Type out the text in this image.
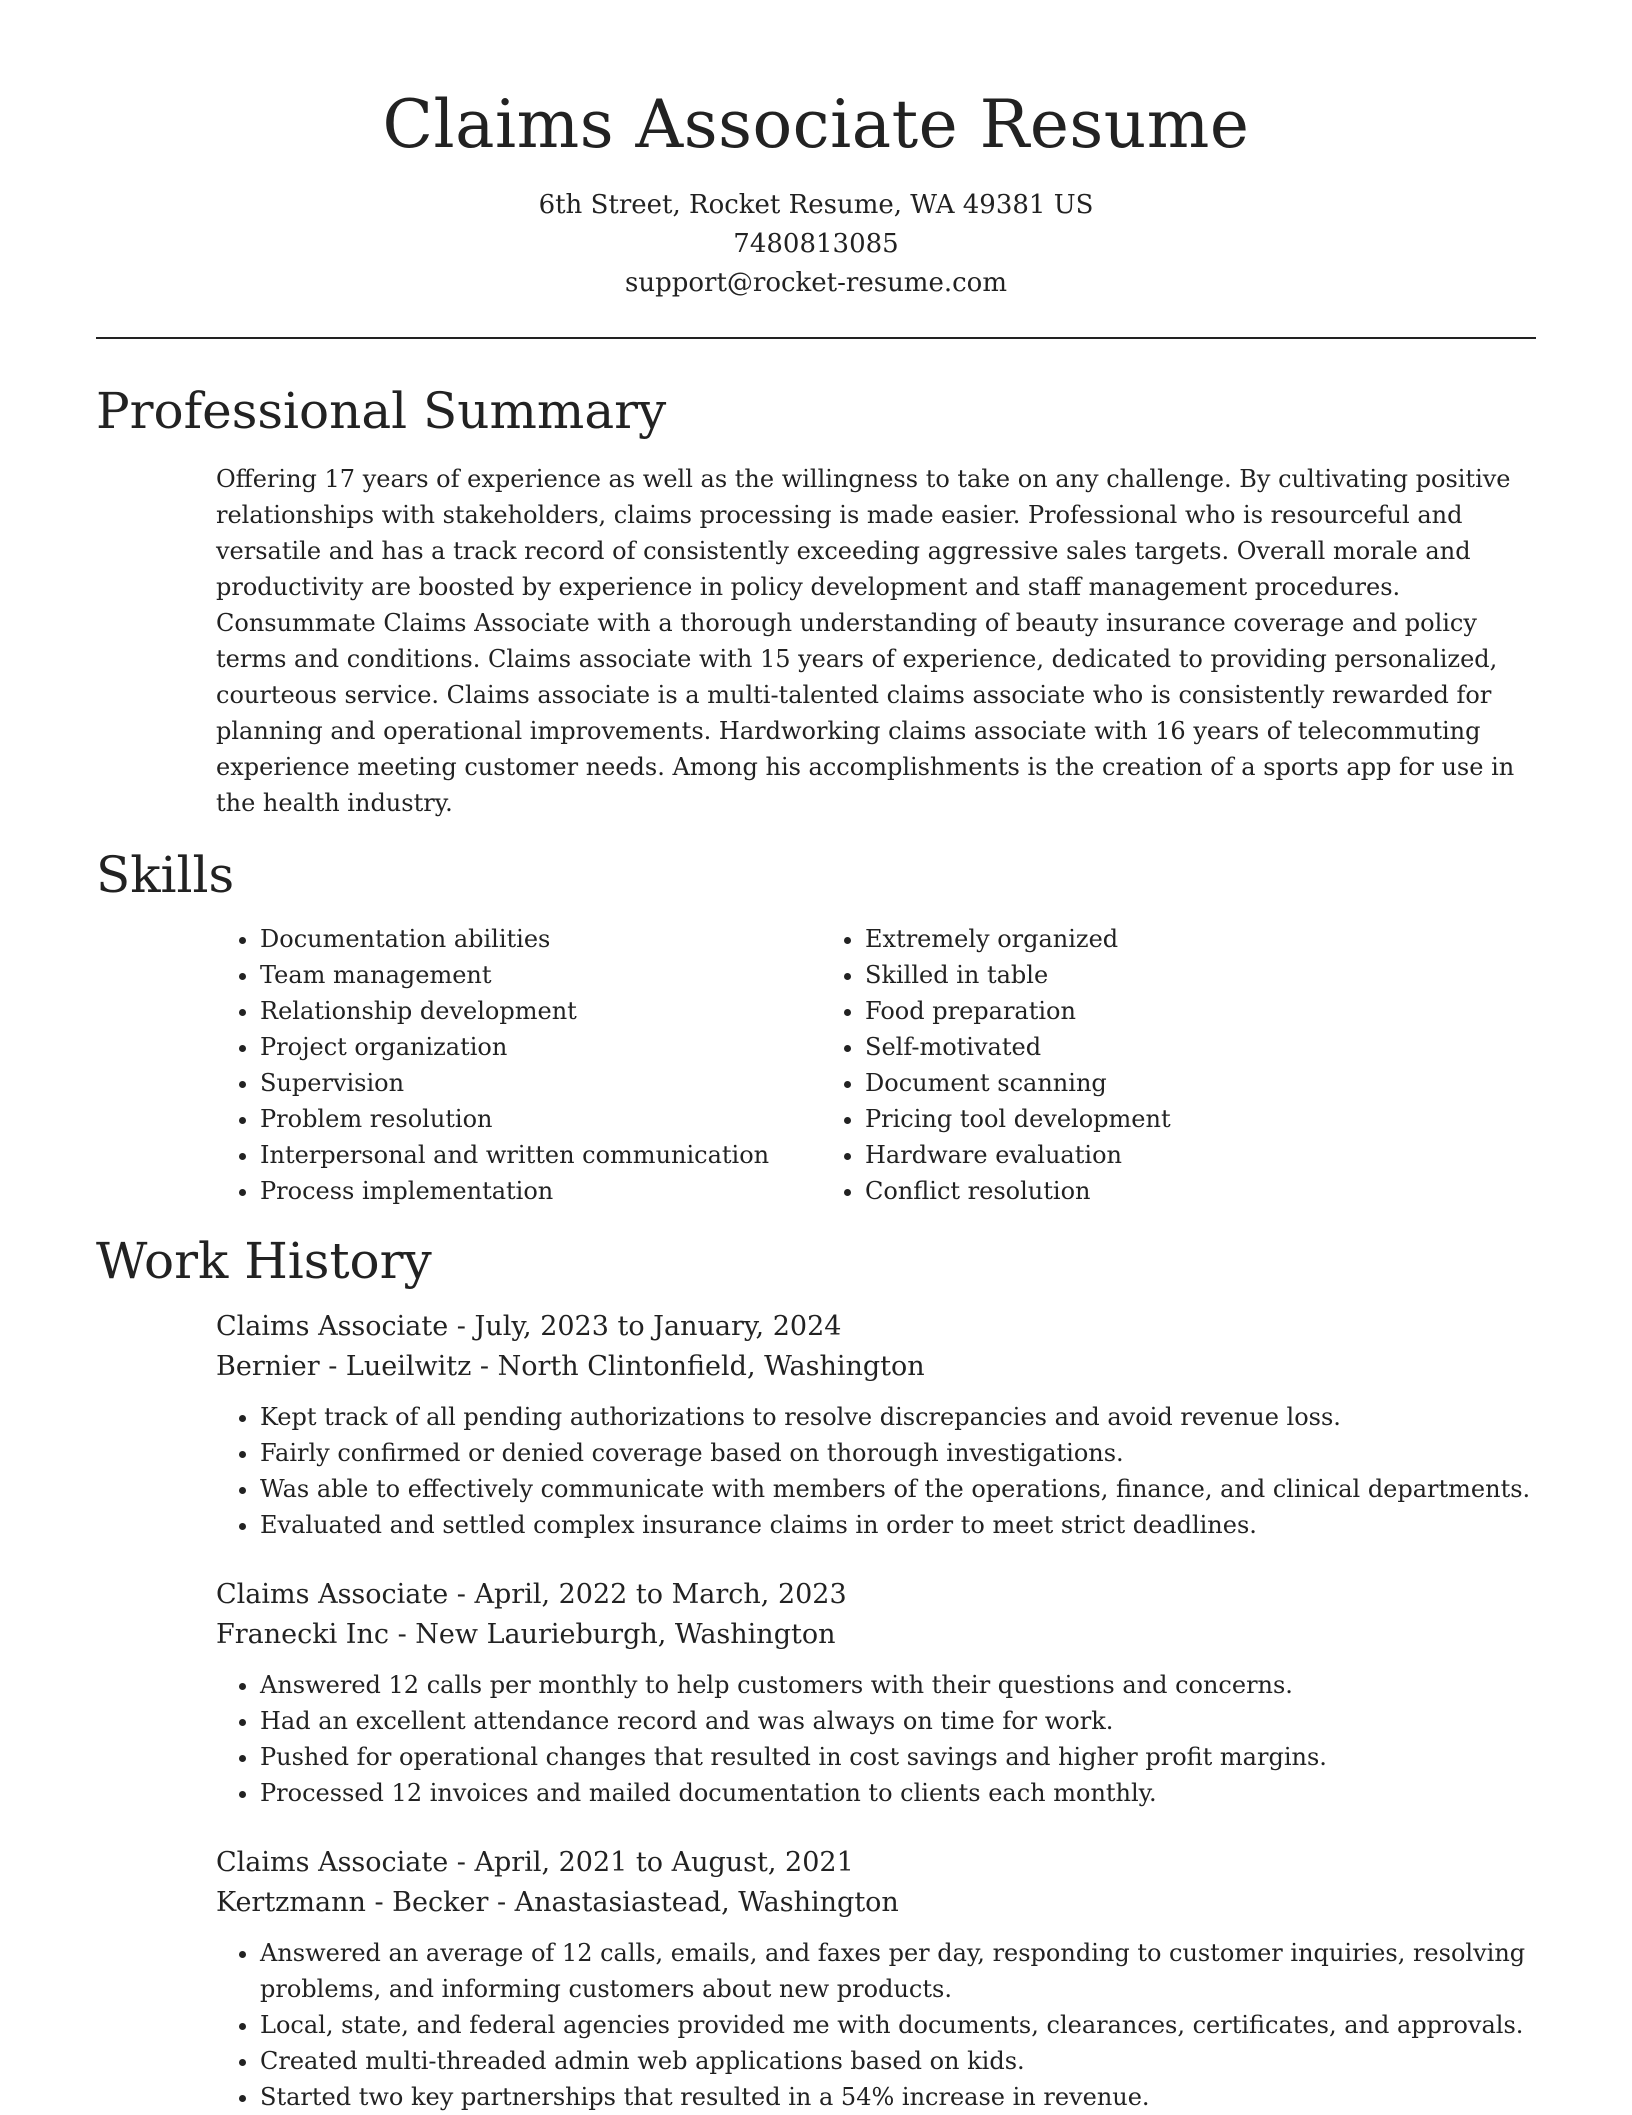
Claims Associate Resume
6th Street, Rocket Resume, WA 49381 US
7480813085
support@rocket-resume.com
Professional Summary

Offering 17 years of experience as well as the willingness to take on any challenge. By cultivating positive relationships with stakeholders, claims processing is made easier. Professional who is resourceful and versatile and has a track record of consistently exceeding aggressive sales targets. Overall morale and productivity are boosted by experience in policy development and staff management procedures. Consummate Claims Associate with a thorough understanding of beauty insurance coverage and policy terms and conditions. Claims associate with 15 years of experience, dedicated to providing personalized, courteous service. Claims associate is a multi-talented claims associate who is consistently rewarded for planning and operational improvements. Hardworking claims associate with 16 years of telecommuting experience meeting customer needs. Among his accomplishments is the creation of a sports app for use in the health industry.

Skills
• Documentation abilities
• Team management
• Relationship development
• Project organization
• Supervision
• Problem resolution
• Interpersonal and written communication
• Process implementation
• Extremely organized
• Skilled in table
• Food preparation
• Self-motivated
• Document scanning
• Pricing tool development
• Hardware evaluation
• Conflict resolution
Work History
Claims Associate - July, 2023 to January, 2024
Bernier - Lueilwitz - North Clintonfield, Washington
• Kept track of all pending authorizations to resolve discrepancies and avoid revenue loss.
• Fairly confirmed or denied coverage based on thorough investigations.
• Was able to effectively communicate with members of the operations, finance, and clinical departments.
• Evaluated and settled complex insurance claims in order to meet strict deadlines.
Claims Associate - April, 2022 to March, 2023
Franecki Inc - New Laurieburgh, Washington
• Answered 12 calls per monthly to help customers with their questions and concerns.
• Had an excellent attendance record and was always on time for work.
• Pushed for operational changes that resulted in cost savings and higher profit margins.
• Processed 12 invoices and mailed documentation to clients each monthly.
Claims Associate - April, 2021 to August, 2021
Kertzmann - Becker - Anastasiastead, Washington
• Answered an average of 12 calls, emails, and faxes per day, responding to customer inquiries, resolving problems, and informing customers about new products.
• Local, state, and federal agencies provided me with documents, clearances, certificates, and approvals.
• Created multi-threaded admin web applications based on kids.
• Started two key partnerships that resulted in a 54% increase in revenue.
